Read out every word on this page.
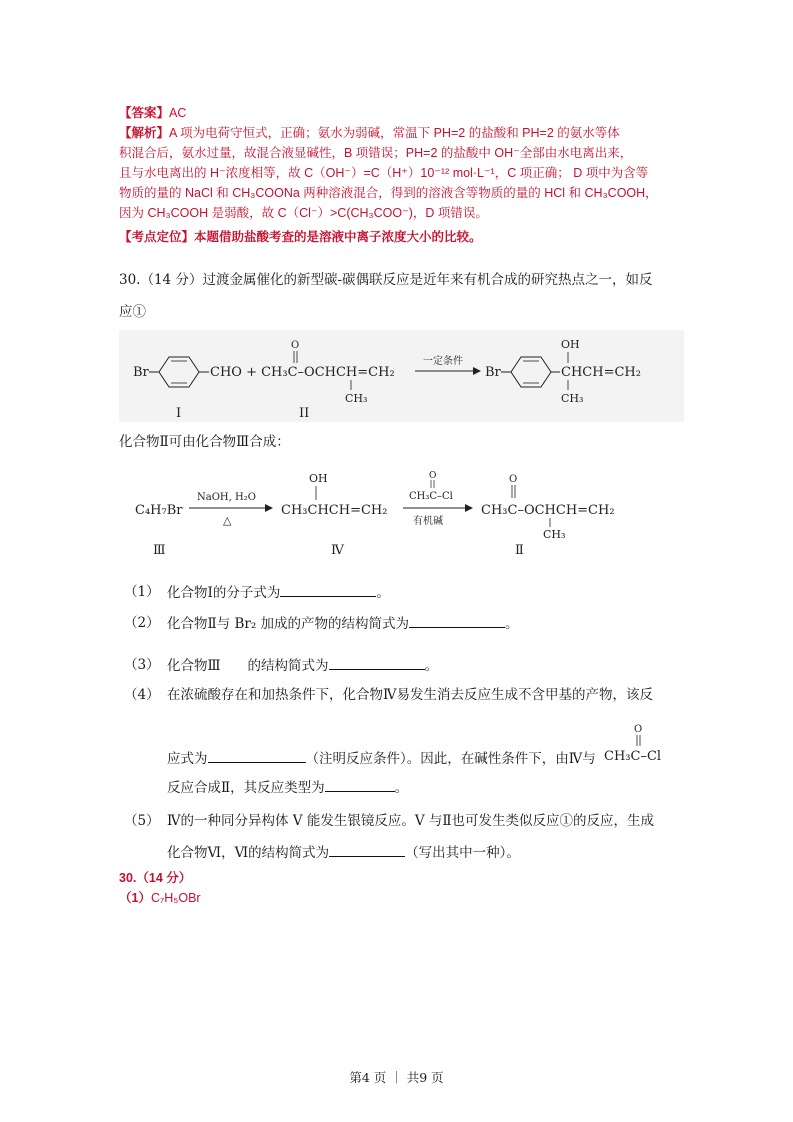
【答案】AC
【解析】A 项为电荷守恒式，正确；氨水为弱碱，常温下 PH=2 的盐酸和 PH=2 的氨水等体
积混合后，氨水过量，故混合液显碱性，B 项错误；PH=2 的盐酸中 OH⁻全部由水电离出来，
且与水电离出的 H⁻浓度相等，故 C（OH⁻）=C（H⁺）10⁻¹² mol·L⁻¹，C 项正确； D 项中为含等
物质的量的 NaCl 和 CH₃COONa 两种溶液混合，得到的溶液含等物质的量的 HCl 和 CH₃COOH，
因为 CH₃COOH 是弱酸，故 C（Cl⁻）>C(CH₃COO⁻)，D 项错误。
【考点定位】本题借助盐酸考查的是溶液中离子浓度大小的比较。
30.（14 分）过渡金属催化的新型碳-碳偶联反应是近年来有机合成的研究热点之一，如反
应①
Br	CHO + CH₃C–OCHCH=CH₂
O
CH₃
一定条件
Br	CHCH=CH₂
OH
CH₃
I	II
化合物Ⅱ可由化合物Ⅲ合成：
C₄H₇Br
NaOH, H₂O
△
OH
CH₃CHCH=CH₂
O
CH₃C–Cl
有机碱
O
CH₃C–OCHCH=CH₂
CH₃
Ⅲ	Ⅳ	Ⅱ
（1） 化合物Ⅰ的分子式为	。
（2） 化合物Ⅱ与 Br₂ 加成的产物的结构简式为	。
（3） 化合物Ⅲ　　的结构简式为	。
（4） 在浓硫酸存在和加热条件下，化合物Ⅳ易发生消去反应生成不含甲基的产物，该反
应式为	（注明反应条件）。因此，在碱性条件下，由Ⅳ与
O
CH₃C–Cl
反应合成Ⅱ，其反应类型为	。
（5） Ⅳ的一种同分异构体 V 能发生银镜反应。V 与Ⅱ也可发生类似反应①的反应，生成
化合物Ⅵ，Ⅵ的结构简式为	（写出其中一种）。
30.（14 分）
（1）C₇H₅OBr
第4 页 ｜ 共9 页
